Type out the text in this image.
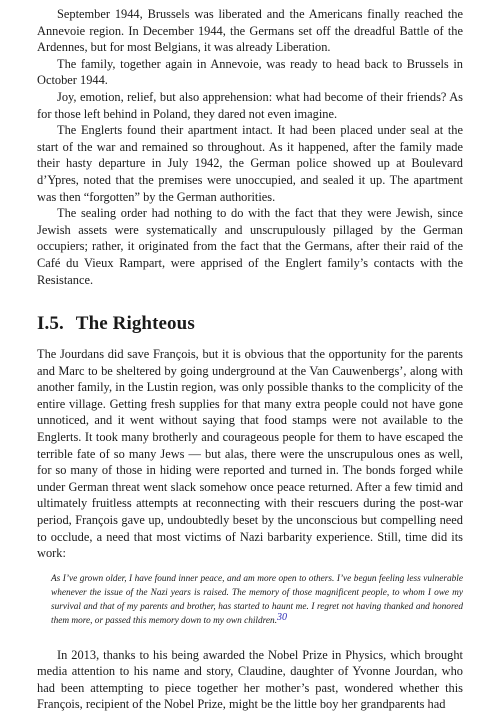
September 1944, Brussels was liberated and the Americans finally reached the Annevoie region. In December 1944, the Germans set off the dreadful Battle of the Ardennes, but for most Belgians, it was already Liberation.

The family, together again in Annevoie, was ready to head back to Brussels in October 1944.

Joy, emotion, relief, but also apprehension: what had become of their friends? As for those left behind in Poland, they dared not even imagine.

The Englerts found their apartment intact. It had been placed under seal at the start of the war and remained so throughout. As it happened, after the family made their hasty departure in July 1942, the German police showed up at Boulevard d’Ypres, noted that the premises were unoccupied, and sealed it up. The apartment was then “forgotten” by the German authorities.

The sealing order had nothing to do with the fact that they were Jewish, since Jewish assets were systematically and unscrupulously pillaged by the German occupiers; rather, it originated from the fact that the Germans, after their raid of the Café du Vieux Rampart, were apprised of the Englert family’s contacts with the Resistance.

I.5. The Righteous

The Jourdans did save François, but it is obvious that the opportunity for the parents and Marc to be sheltered by going underground at the Van Cauwenbergs’, along with another family, in the Lustin region, was only possible thanks to the complicity of the entire village. Getting fresh supplies for that many extra people could not have gone unnoticed, and it went without saying that food stamps were not available to the Englerts. It took many brotherly and courageous people for them to have escaped the terrible fate of so many Jews — but alas, there were the unscrupulous ones as well, for so many of those in hiding were reported and turned in. The bonds forged while under German threat went slack somehow once peace returned. After a few timid and ultimately fruitless attempts at reconnecting with their rescuers during the post-war period, François gave up, undoubtedly beset by the unconscious but compelling need to occlude, a need that most victims of Nazi barbarity experience. Still, time did its work:

As I’ve grown older, I have found inner peace, and am more open to others. I’ve begun feeling less vulnerable whenever the issue of the Nazi years is raised. The memory of those magnificent people, to whom I owe my survival and that of my parents and brother, has started to haunt me. I regret not having thanked and honored them more, or passed this memory down to my own children.$^{30}$

In 2013, thanks to his being awarded the Nobel Prize in Physics, which brought media attention to his name and story, Claudine, daughter of Yvonne Jourdan, who had been attempting to piece together her mother’s past, wondered whether this François, recipient of the Nobel Prize, might be the little boy her grandparents had
